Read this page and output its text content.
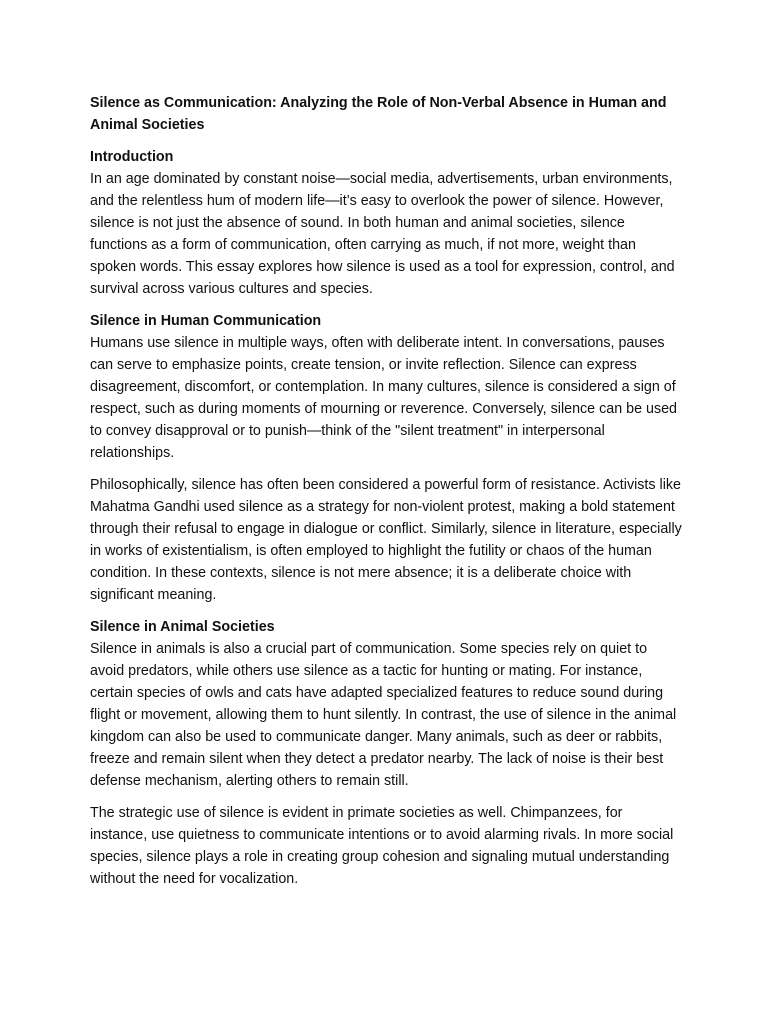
Silence as Communication: Analyzing the Role of Non-Verbal Absence in Human and Animal Societies

Introduction

In an age dominated by constant noise—social media, advertisements, urban environments, and the relentless hum of modern life—it’s easy to overlook the power of silence. However, silence is not just the absence of sound. In both human and animal societies, silence functions as a form of communication, often carrying as much, if not more, weight than spoken words. This essay explores how silence is used as a tool for expression, control, and survival across various cultures and species.

Silence in Human Communication

Humans use silence in multiple ways, often with deliberate intent. In conversations, pauses can serve to emphasize points, create tension, or invite reflection. Silence can express disagreement, discomfort, or contemplation. In many cultures, silence is considered a sign of respect, such as during moments of mourning or reverence. Conversely, silence can be used to convey disapproval or to punish—think of the "silent treatment" in interpersonal relationships.

Philosophically, silence has often been considered a powerful form of resistance. Activists like Mahatma Gandhi used silence as a strategy for non-violent protest, making a bold statement through their refusal to engage in dialogue or conflict. Similarly, silence in literature, especially in works of existentialism, is often employed to highlight the futility or chaos of the human condition. In these contexts, silence is not mere absence; it is a deliberate choice with significant meaning.

Silence in Animal Societies

Silence in animals is also a crucial part of communication. Some species rely on quiet to avoid predators, while others use silence as a tactic for hunting or mating. For instance, certain species of owls and cats have adapted specialized features to reduce sound during flight or movement, allowing them to hunt silently. In contrast, the use of silence in the animal kingdom can also be used to communicate danger. Many animals, such as deer or rabbits, freeze and remain silent when they detect a predator nearby. The lack of noise is their best defense mechanism, alerting others to remain still.

The strategic use of silence is evident in primate societies as well. Chimpanzees, for instance, use quietness to communicate intentions or to avoid alarming rivals. In more social species, silence plays a role in creating group cohesion and signaling mutual understanding without the need for vocalization.
